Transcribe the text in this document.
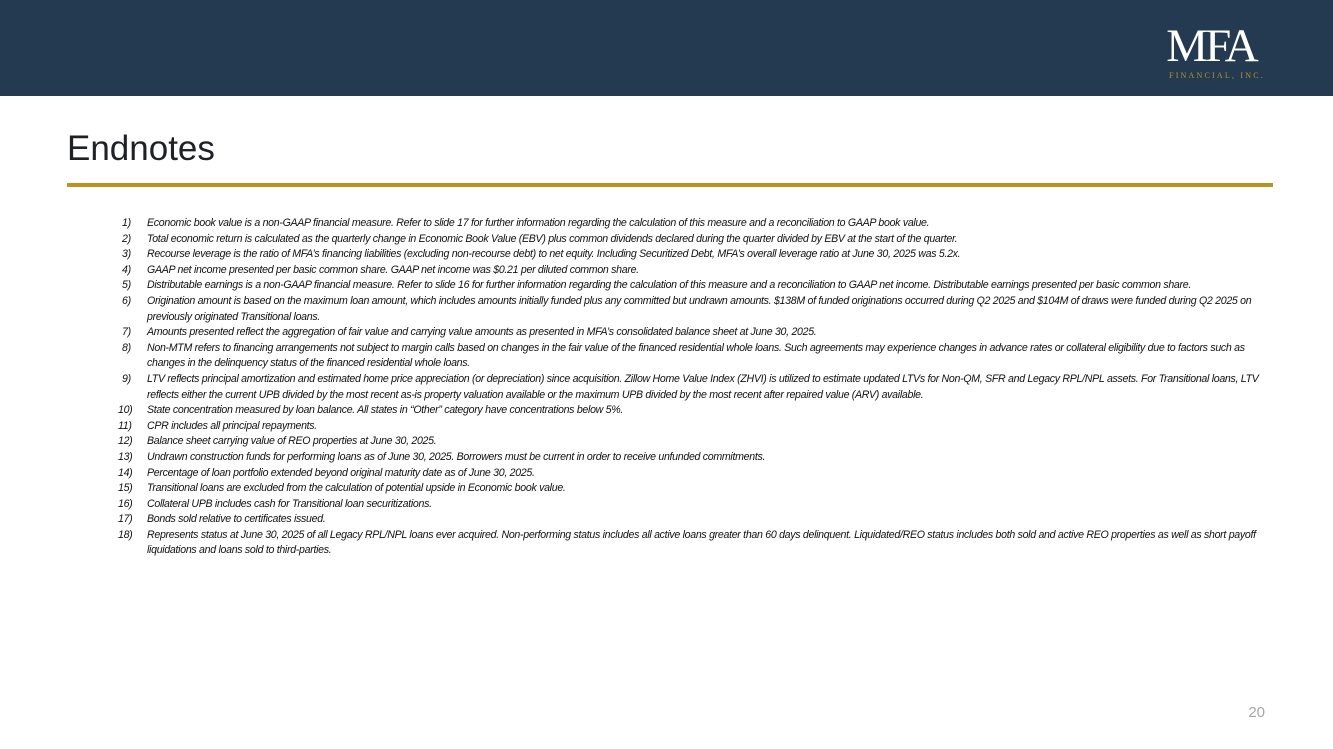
MFA
FINANCIAL, INC.
Endnotes
1)	Economic book value is a non-GAAP financial measure. Refer to slide 17 for further information regarding the calculation of this measure and a reconciliation to GAAP book value.
2)	Total economic return is calculated as the quarterly change in Economic Book Value (EBV) plus common dividends declared during the quarter divided by EBV at the start of the quarter.
3)	Recourse leverage is the ratio of MFA’s financing liabilities (excluding non-recourse debt) to net equity. Including Securitized Debt, MFA’s overall leverage ratio at June 30, 2025 was 5.2x.
4)	GAAP net income presented per basic common share. GAAP net income was $0.21 per diluted common share.
5)	Distributable earnings is a non-GAAP financial measure. Refer to slide 16 for further information regarding the calculation of this measure and a reconciliation to GAAP net income. Distributable earnings presented per basic common share.
6)	Origination amount is based on the maximum loan amount, which includes amounts initially funded plus any committed but undrawn amounts. $138M of funded originations occurred during Q2 2025 and $104M of draws were funded during Q2 2025 on previously originated Transitional loans.
7)	Amounts presented reflect the aggregation of fair value and carrying value amounts as presented in MFA’s consolidated balance sheet at June 30, 2025.
8)	Non-MTM refers to financing arrangements not subject to margin calls based on changes in the fair value of the financed residential whole loans. Such agreements may experience changes in advance rates or collateral eligibility due to factors such as changes in the delinquency status of the financed residential whole loans.
9)	LTV reflects principal amortization and estimated home price appreciation (or depreciation) since acquisition. Zillow Home Value Index (ZHVI) is utilized to estimate updated LTVs for Non-QM, SFR and Legacy RPL/NPL assets. For Transitional loans, LTV reflects either the current UPB divided by the most recent as-is property valuation available or the maximum UPB divided by the most recent after repaired value (ARV) available.
10)	State concentration measured by loan balance. All states in “Other” category have concentrations below 5%.
11)	CPR includes all principal repayments.
12)	Balance sheet carrying value of REO properties at June 30, 2025.
13)	Undrawn construction funds for performing loans as of June 30, 2025. Borrowers must be current in order to receive unfunded commitments.
14)	Percentage of loan portfolio extended beyond original maturity date as of June 30, 2025.
15)	Transitional loans are excluded from the calculation of potential upside in Economic book value.
16)	Collateral UPB includes cash for Transitional loan securitizations.
17)	Bonds sold relative to certificates issued.
18)	Represents status at June 30, 2025 of all Legacy RPL/NPL loans ever acquired. Non-performing status includes all active loans greater than 60 days delinquent. Liquidated/REO status includes both sold and active REO properties as well as short payoff liquidations and loans sold to third-parties.
20
